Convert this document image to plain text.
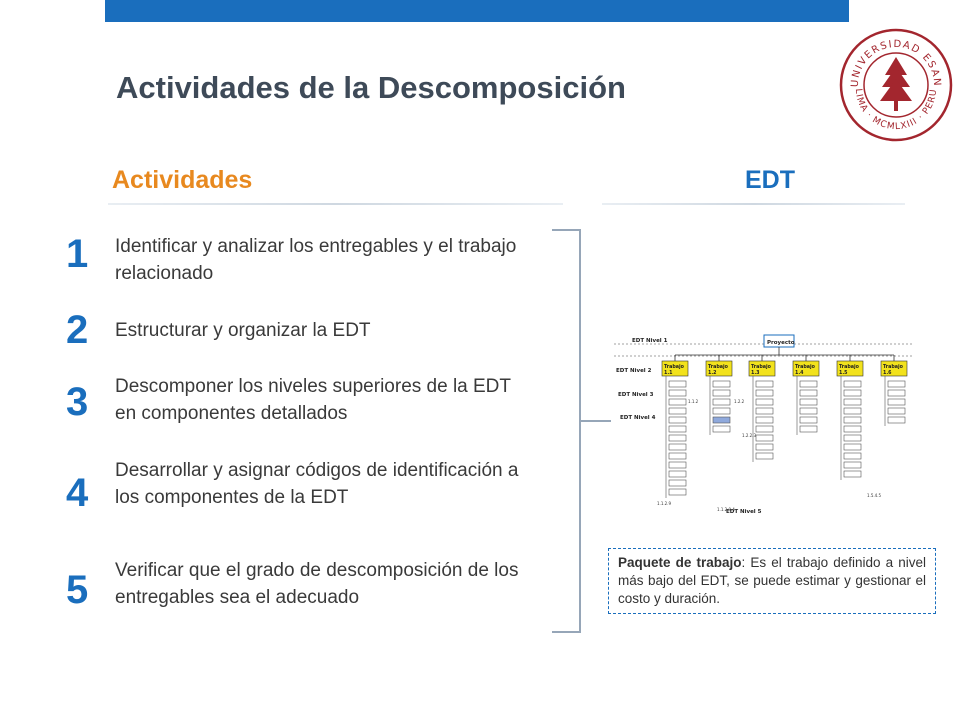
Actividades de la Descomposición	UNIVERSIDAD ESAN
LIMA · MCMLXIII · PERU
Actividades	EDT
1 Identificar y analizar los entregables y el trabajo relacionado
2 Estructurar y organizar la EDT
3 Descomponer los niveles superiores de la EDT en componentes detallados
4
Desarrollar y asignar códigos de identificación a los componentes de la EDT
5 Verificar que el grado de descomposición de los entregables sea el adecuado
EDT Nivel 1
EDT Nivel 2
EDT Nivel 3
EDT Nivel 4
EDT Nivel 5
Proyecto
Trabajo
1.1
Trabajo
1.2
Trabajo
1.3
Trabajo
1.4
Trabajo
1.5
Trabajo
1.6
1.1.2	1.2.2
1.2.2.3
1.5.4.5
1.1.2.9
1.1.2.9.4
Paquete de trabajo: Es el trabajo definido a nivel más bajo del EDT, se puede estimar y gestionar el costo y duración.
